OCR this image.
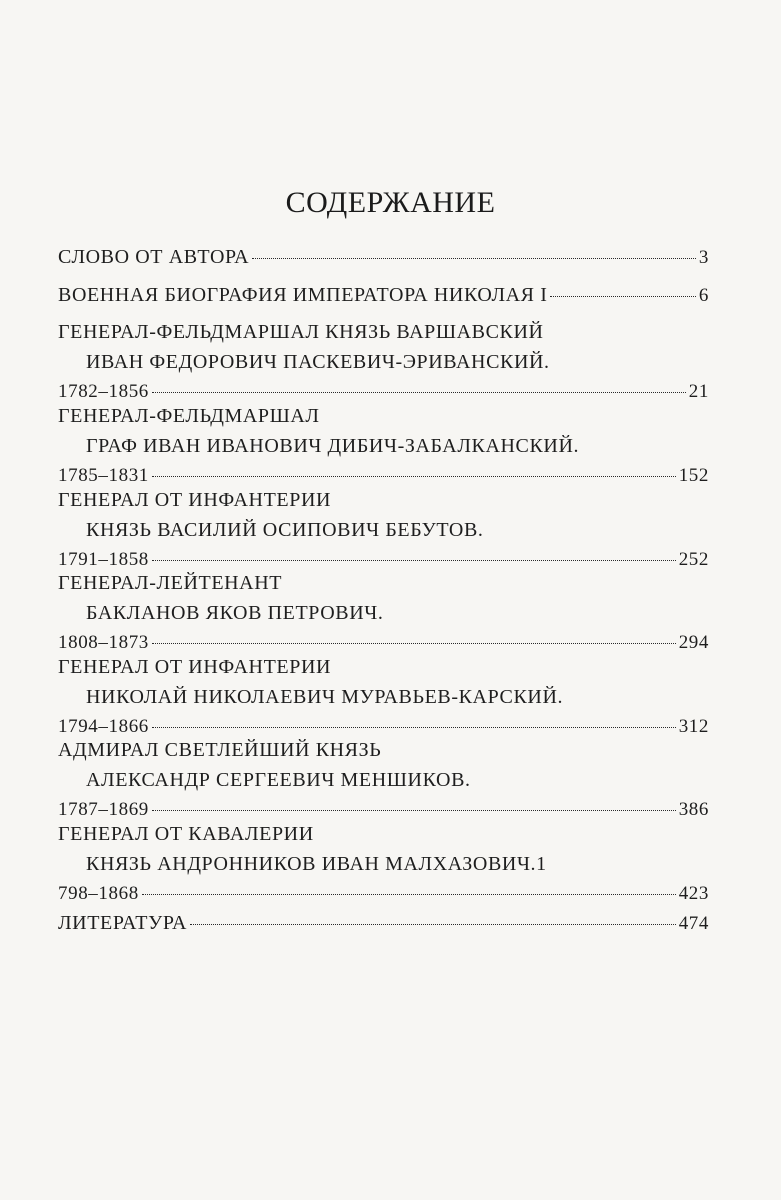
СОДЕРЖАНИЕ
СЛОВО ОТ АВТОРА	3
ВОЕННАЯ БИОГРАФИЯ ИМПЕРАТОРА НИКОЛАЯ I	6
ГЕНЕРАЛ-ФЕЛЬДМАРШАЛ КНЯЗЬ ВАРШАВСКИЙ
ИВАН ФЕДОРОВИЧ ПАСКЕВИЧ-ЭРИВАНСКИЙ.
1782–1856	21
ГЕНЕРАЛ-ФЕЛЬДМАРШАЛ
ГРАФ ИВАН ИВАНОВИЧ ДИБИЧ-ЗАБАЛКАНСКИЙ.
1785–1831	152
ГЕНЕРАЛ ОТ ИНФАНТЕРИИ
КНЯЗЬ ВАСИЛИЙ ОСИПОВИЧ БЕБУТОВ.
1791–1858	252
ГЕНЕРАЛ-ЛЕЙТЕНАНТ
БАКЛАНОВ ЯКОВ ПЕТРОВИЧ.
1808–1873	294
ГЕНЕРАЛ ОТ ИНФАНТЕРИИ
НИКОЛАЙ НИКОЛАЕВИЧ МУРАВЬЕВ-КАРСКИЙ.
1794–1866	312
АДМИРАЛ СВЕТЛЕЙШИЙ КНЯЗЬ
АЛЕКСАНДР СЕРГЕЕВИЧ МЕНШИКОВ.
1787–1869	386
ГЕНЕРАЛ ОТ КАВАЛЕРИИ
КНЯЗЬ АНДРОННИКОВ ИВАН МАЛХАЗОВИЧ.1
798–1868	423
ЛИТЕРАТУРА	474
